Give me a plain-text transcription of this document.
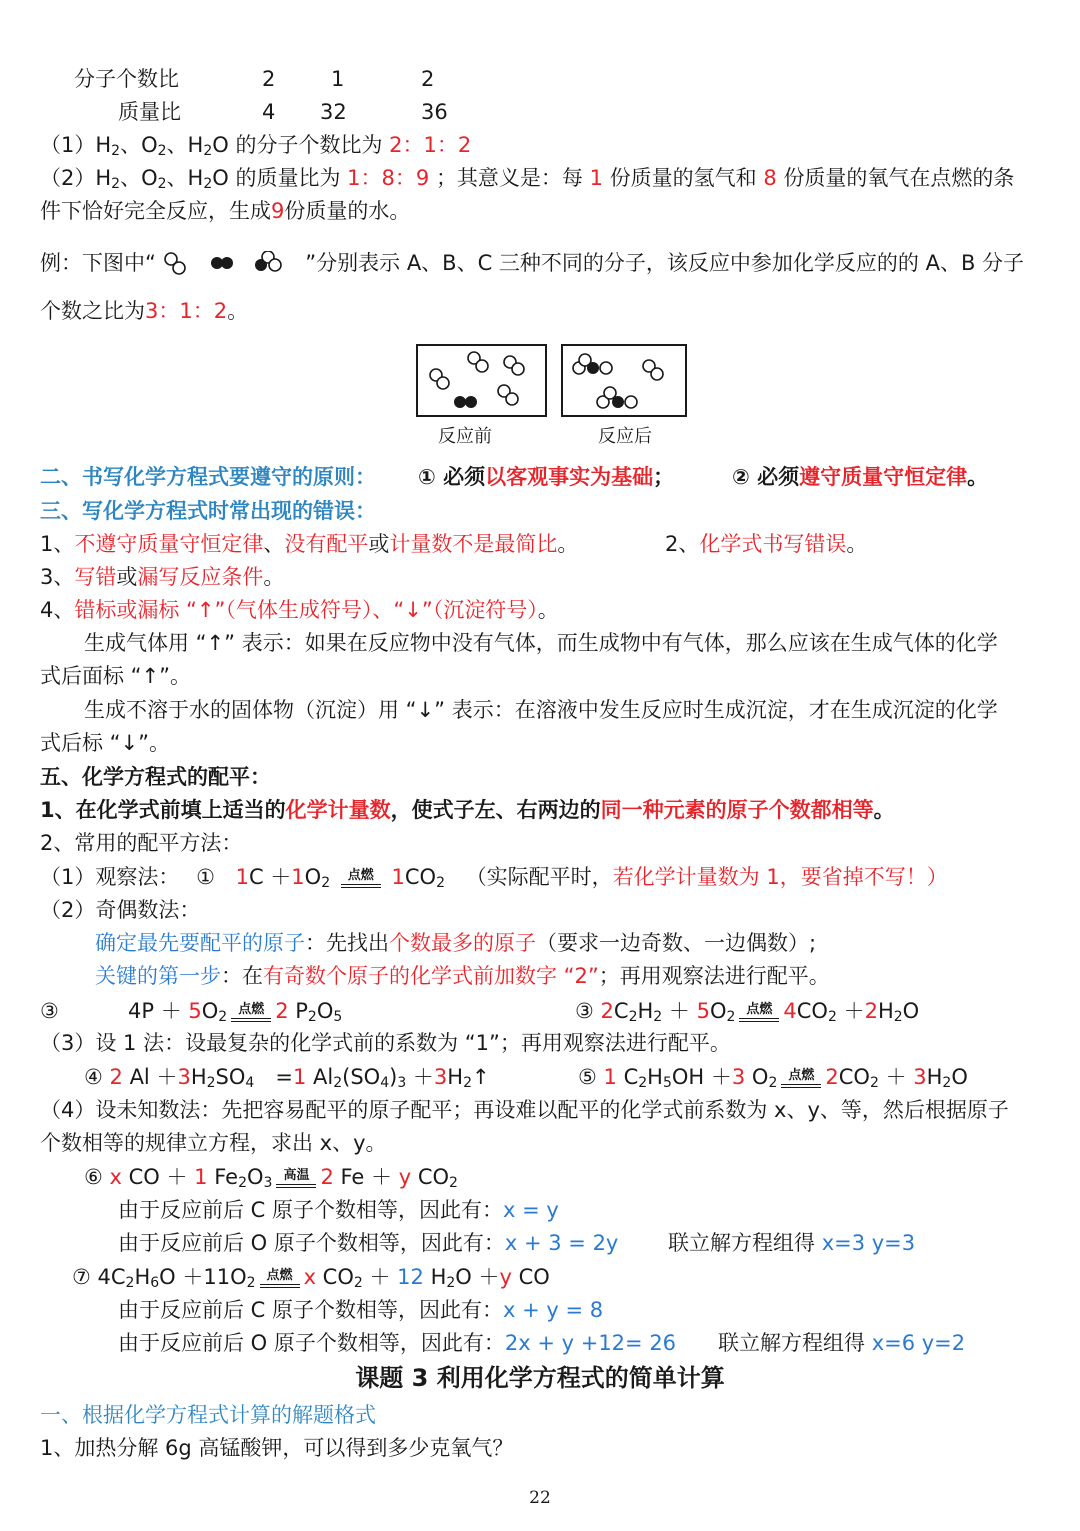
分子个数比	2	1	2
质量比	4 32	36
$(1)H_2$、$O_2$、$H_2O$ 的分子个数比为 2：1：2
$(2)H_2$、$O_2$、$H_2O$ 的质量比为 1：8：9 ；其意义是：每 1 份质量的氢气和 8 份质量的氧气在点燃的条
件下恰好完全反应，生成9份质量的水。
例：下图中“	”分别表示 A、B、C 三种不同的分子，该反应中参加化学反应的的 A、B 分子
个数之比为3：1：2。
反应前	反应后
二、书写化学方程式要遵守的原则： ① 必须以客观事实为基础；	② 必须遵守质量守恒定律。
三、写化学方程式时常出现的错误：
1、不遵守质量守恒定律、没有配平或计量数不是最简比。	2、化学式书写错误。
3、写错或漏写反应条件。
4、错标或漏标 “↑”（气体生成符号）、“↓”（沉淀符号）。
生成气体用 “↑” 表示：如果在反应物中没有气体，而生成物中有气体，那么应该在生成气体的化学
式后面标 “↑”。
生成不溶于水的固体物（沉淀）用 “↓” 表示：在溶液中发生反应时生成沉淀，才在生成沉淀的化学
式后标 “↓”。
五、化学方程式的配平：
1、在化学式前填上适当的化学计量数，使式子左、右两边的同一种元素的原子个数都相等。
2、常用的配平方法：
（1）观察法： ① $1C +1O_2$	点燃 $1CO_2$ （实际配平时，若化学计量数为 1，要省掉不写！）
（2）奇偶数法：
确定最先要配平的原子：先找出个数最多的原子（要求一边奇数、一边偶数）;
关键的第一步：在有奇数个原子的化学式前加数字 “2”；再用观察法进行配平。
③	$4P + 5O_2$ 点燃 2 $P_2O_5$	③ $2C_2H_2 + 5O_2$ 点燃 $4CO_2 +2H_2O$
（3）设 1 法：设最复杂的化学式前的系数为 “1”；再用观察法进行配平。
④ 2 $Al +3H_2SO_4$　=1 $Al_2(SO_4)_3$ $+3H_2↑$	⑤ 1 $C_2H_5OH +3$ $O_2$ 点燃 $2CO_2 + 3H_2O$
（4）设未知数法：先把容易配平的原子配平；再设难以配平的化学式前系数为 x、y、等，然后根据原子
个数相等的规律立方程，求出 x、y。
⑥ x CO ＋ 1 $Fe_2O_3$ 高温 2 Fe ＋ y $CO_2$
由于反应前后 C 原子个数相等，因此有：x = y
由于反应前后 O 原子个数相等，因此有：x + 3 = 2y 联立解方程组得 x=3 y=3
⑦ $4C_2H_6O +11O_2$ 点燃 x $CO_2 + 12$ $H_2O +y$ CO
由于反应前后 C 原子个数相等，因此有：x + y = 8
由于反应前后 O 原子个数相等，因此有：2x + y +12= 26 联立解方程组得 x=6 y=2
课题 3 利用化学方程式的简单计算
一、根据化学方程式计算的解题格式
1、加热分解 6g 高锰酸钾，可以得到多少克氧气？
22
